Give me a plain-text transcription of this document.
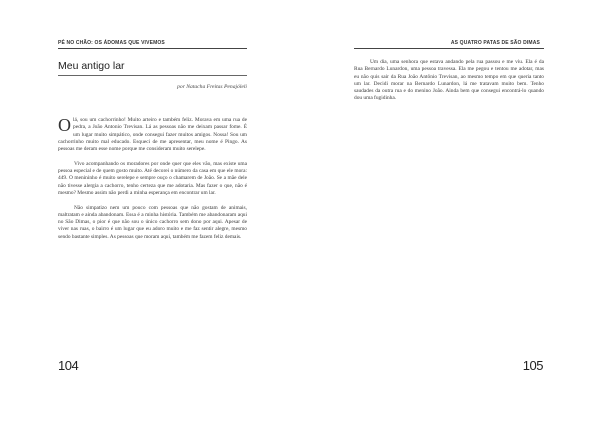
PÉ NO CHÃO: OS ÁDOMAS QUE VIVEMOS
Meu antigo lar
por Natacha Freitas Penajóleli

Olá, sou um cachorrinho! Muito arteiro e também feliz. Morava em uma rua de pedra, a João Antonio Trevisan. Lá as pessoas não me deixam passar fome. É um lugar muito simpático, onde consegui fazer muitos amigos. Nossa! Sou um cachorrinho muito mal educado. Esqueci de me apresentar, meu nome é Pingo. As pessoas me deram esse nome porque me consideram muito serelepe.

Vivo acompanhando os moradores por onde quer que eles vão, mas existe uma pessoa especial e de quem gosto muito. Até decorei o número da casa em que ele mora: 449. O menininho é muito serelepe e sempre ouço o chamarem de João. Se a mãe dele não tivesse alergia a cachorro, tenho certeza que me adotaria. Mas fazer o que, não é mesmo? Mesmo assim não perdi a minha esperança em encontrar um lar.

Não simpatizo nem um pouco com pessoas que não gostam de animais, maltratam e ainda abandonam. Essa é a minha história. Também me abandonaram aqui no São Dimas, o pior é que não sou o único cachorro sem dono por aqui. Apesar de viver nas ruas, o bairro é um lugar que eu adoro muito e me faz sentir alegre, mesmo sendo bastante simples. As pessoas que moram aqui, também me fazem feliz demais.

104
AS QUATRO PATAS DE SÃO DIMAS

Um dia, uma senhora que estava andando pela rua passou e me viu. Ela é da Rua Bernardo Lunardon, uma pessoa travessa. Ela me pegou e tentou me adotar, mas eu não quis sair da Rua João Antônio Trevisan, ao mesmo tempo em que queria tanto um lar. Decidi morar na Bernardo Lunardon, lá me tratavam muito bem. Tenho saudades da outra rua e do menino João. Ainda bem que consegui encontrá-lo quando dou uma fugidinha.

105
